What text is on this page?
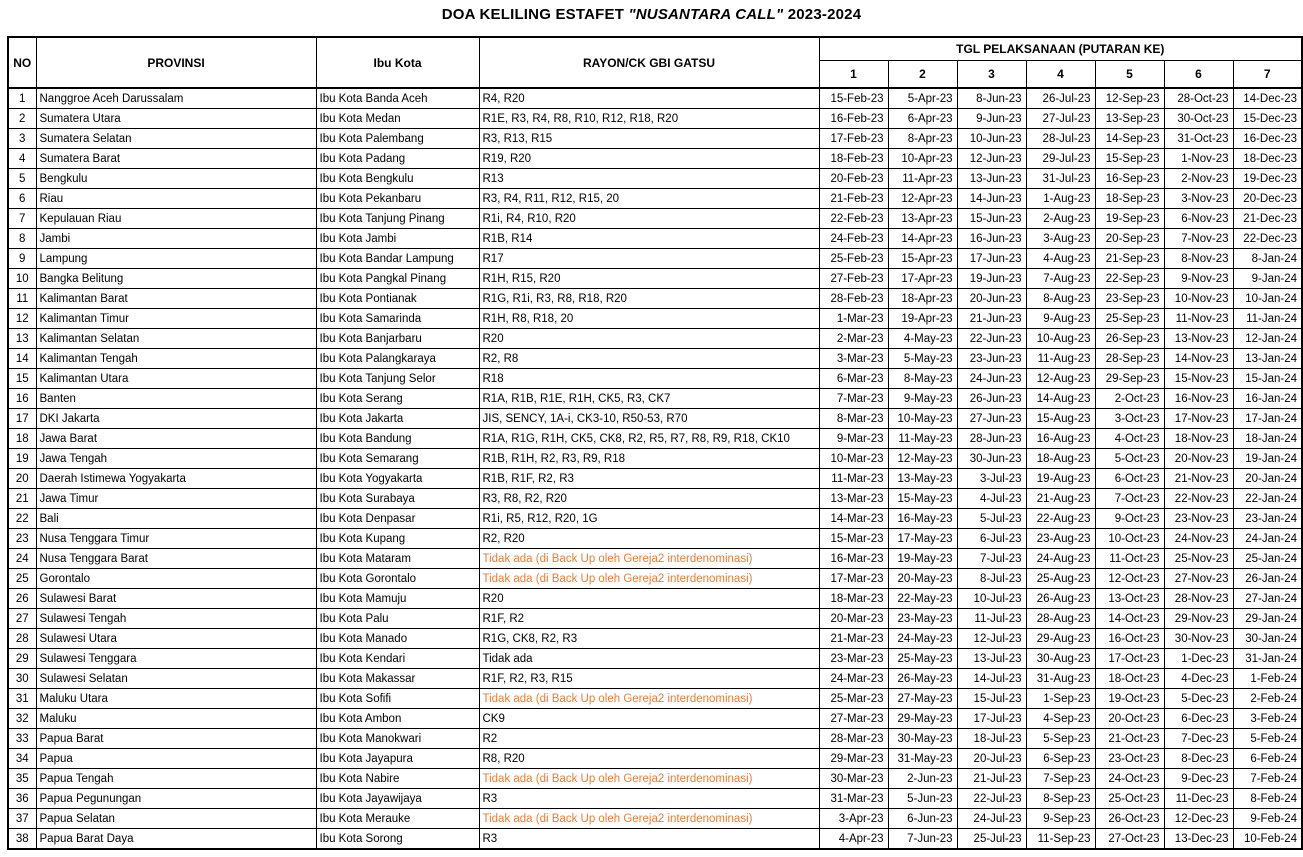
DOA KELILING ESTAFET "NUSANTARA CALL" 2023-2024
NO	PROVINSI	Ibu Kota	RAYON/CK GBI GATSU	TGL PELAKSANAAN (PUTARAN KE)						
				1	2	3	4	5	6	7
1	Nanggroe Aceh Darussalam	Ibu Kota Banda Aceh	R4, R20	15-Feb-23	5-Apr-23	8-Jun-23	26-Jul-23	12-Sep-23	28-Oct-23	14-Dec-23
2	Sumatera Utara	Ibu Kota Medan	R1E, R3, R4, R8, R10, R12, R18, R20	16-Feb-23	6-Apr-23	9-Jun-23	27-Jul-23	13-Sep-23	30-Oct-23	15-Dec-23
3	Sumatera Selatan	Ibu Kota Palembang	R3, R13, R15	17-Feb-23	8-Apr-23	10-Jun-23	28-Jul-23	14-Sep-23	31-Oct-23	16-Dec-23
4	Sumatera Barat	Ibu Kota Padang	R19, R20	18-Feb-23	10-Apr-23	12-Jun-23	29-Jul-23	15-Sep-23	1-Nov-23	18-Dec-23
5	Bengkulu	Ibu Kota Bengkulu	R13	20-Feb-23	11-Apr-23	13-Jun-23	31-Jul-23	16-Sep-23	2-Nov-23	19-Dec-23
6	Riau	Ibu Kota Pekanbaru	R3, R4, R11, R12, R15, 20	21-Feb-23	12-Apr-23	14-Jun-23	1-Aug-23	18-Sep-23	3-Nov-23	20-Dec-23
7	Kepulauan Riau	Ibu Kota Tanjung Pinang	R1i, R4, R10, R20	22-Feb-23	13-Apr-23	15-Jun-23	2-Aug-23	19-Sep-23	6-Nov-23	21-Dec-23
8	Jambi	Ibu Kota Jambi	R1B, R14	24-Feb-23	14-Apr-23	16-Jun-23	3-Aug-23	20-Sep-23	7-Nov-23	22-Dec-23
9	Lampung	Ibu Kota Bandar Lampung	R17	25-Feb-23	15-Apr-23	17-Jun-23	4-Aug-23	21-Sep-23	8-Nov-23	8-Jan-24
10	Bangka Belitung	Ibu Kota Pangkal Pinang	R1H, R15, R20	27-Feb-23	17-Apr-23	19-Jun-23	7-Aug-23	22-Sep-23	9-Nov-23	9-Jan-24
11	Kalimantan Barat	Ibu Kota Pontianak	R1G, R1i, R3, R8, R18, R20	28-Feb-23	18-Apr-23	20-Jun-23	8-Aug-23	23-Sep-23	10-Nov-23	10-Jan-24
12	Kalimantan Timur	Ibu Kota Samarinda	R1H, R8, R18, 20	1-Mar-23	19-Apr-23	21-Jun-23	9-Aug-23	25-Sep-23	11-Nov-23	11-Jan-24
13	Kalimantan Selatan	Ibu Kota Banjarbaru	R20	2-Mar-23	4-May-23	22-Jun-23	10-Aug-23	26-Sep-23	13-Nov-23	12-Jan-24
14	Kalimantan Tengah	Ibu Kota Palangkaraya	R2, R8	3-Mar-23	5-May-23	23-Jun-23	11-Aug-23	28-Sep-23	14-Nov-23	13-Jan-24
15	Kalimantan Utara	Ibu Kota Tanjung Selor	R18	6-Mar-23	8-May-23	24-Jun-23	12-Aug-23	29-Sep-23	15-Nov-23	15-Jan-24
16	Banten	Ibu Kota Serang	R1A, R1B, R1E, R1H, CK5, R3, CK7	7-Mar-23	9-May-23	26-Jun-23	14-Aug-23	2-Oct-23	16-Nov-23	16-Jan-24
17	DKI Jakarta	Ibu Kota Jakarta	JIS, SENCY, 1A-i, CK3-10, R50-53, R70	8-Mar-23	10-May-23	27-Jun-23	15-Aug-23	3-Oct-23	17-Nov-23	17-Jan-24
18	Jawa Barat	Ibu Kota Bandung	R1A, R1G, R1H, CK5, CK8, R2, R5, R7, R8, R9, R18, CK10	9-Mar-23	11-May-23	28-Jun-23	16-Aug-23	4-Oct-23	18-Nov-23	18-Jan-24
19	Jawa Tengah	Ibu Kota Semarang	R1B, R1H, R2, R3, R9, R18	10-Mar-23	12-May-23	30-Jun-23	18-Aug-23	5-Oct-23	20-Nov-23	19-Jan-24
20	Daerah Istimewa Yogyakarta	Ibu Kota Yogyakarta	R1B, R1F, R2, R3	11-Mar-23	13-May-23	3-Jul-23	19-Aug-23	6-Oct-23	21-Nov-23	20-Jan-24
21	Jawa Timur	Ibu Kota Surabaya	R3, R8, R2, R20	13-Mar-23	15-May-23	4-Jul-23	21-Aug-23	7-Oct-23	22-Nov-23	22-Jan-24
22	Bali	Ibu Kota Denpasar	R1i, R5, R12, R20, 1G	14-Mar-23	16-May-23	5-Jul-23	22-Aug-23	9-Oct-23	23-Nov-23	23-Jan-24
23	Nusa Tenggara Timur	Ibu Kota Kupang	R2, R20	15-Mar-23	17-May-23	6-Jul-23	23-Aug-23	10-Oct-23	24-Nov-23	24-Jan-24
24	Nusa Tenggara Barat	Ibu Kota Mataram	Tidak ada (di Back Up oleh Gereja2 interdenominasi)	16-Mar-23	19-May-23	7-Jul-23	24-Aug-23	11-Oct-23	25-Nov-23	25-Jan-24
25	Gorontalo	Ibu Kota Gorontalo	Tidak ada (di Back Up oleh Gereja2 interdenominasi)	17-Mar-23	20-May-23	8-Jul-23	25-Aug-23	12-Oct-23	27-Nov-23	26-Jan-24
26	Sulawesi Barat	Ibu Kota Mamuju	R20	18-Mar-23	22-May-23	10-Jul-23	26-Aug-23	13-Oct-23	28-Nov-23	27-Jan-24
27	Sulawesi Tengah	Ibu Kota Palu	R1F, R2	20-Mar-23	23-May-23	11-Jul-23	28-Aug-23	14-Oct-23	29-Nov-23	29-Jan-24
28	Sulawesi Utara	Ibu Kota Manado	R1G, CK8, R2, R3	21-Mar-23	24-May-23	12-Jul-23	29-Aug-23	16-Oct-23	30-Nov-23	30-Jan-24
29	Sulawesi Tenggara	Ibu Kota Kendari	Tidak ada	23-Mar-23	25-May-23	13-Jul-23	30-Aug-23	17-Oct-23	1-Dec-23	31-Jan-24
30	Sulawesi Selatan	Ibu Kota Makassar	R1F, R2, R3, R15	24-Mar-23	26-May-23	14-Jul-23	31-Aug-23	18-Oct-23	4-Dec-23	1-Feb-24
31	Maluku Utara	Ibu Kota Sofifi	Tidak ada (di Back Up oleh Gereja2 interdenominasi)	25-Mar-23	27-May-23	15-Jul-23	1-Sep-23	19-Oct-23	5-Dec-23	2-Feb-24
32	Maluku	Ibu Kota Ambon	CK9	27-Mar-23	29-May-23	17-Jul-23	4-Sep-23	20-Oct-23	6-Dec-23	3-Feb-24
33	Papua Barat	Ibu Kota Manokwari	R2	28-Mar-23	30-May-23	18-Jul-23	5-Sep-23	21-Oct-23	7-Dec-23	5-Feb-24
34	Papua	Ibu Kota Jayapura	R8, R20	29-Mar-23	31-May-23	20-Jul-23	6-Sep-23	23-Oct-23	8-Dec-23	6-Feb-24
35	Papua Tengah	Ibu Kota Nabire	Tidak ada (di Back Up oleh Gereja2 interdenominasi)	30-Mar-23	2-Jun-23	21-Jul-23	7-Sep-23	24-Oct-23	9-Dec-23	7-Feb-24
36	Papua Pegunungan	Ibu Kota Jayawijaya	R3	31-Mar-23	5-Jun-23	22-Jul-23	8-Sep-23	25-Oct-23	11-Dec-23	8-Feb-24
37	Papua Selatan	Ibu Kota Merauke	Tidak ada (di Back Up oleh Gereja2 interdenominasi)	3-Apr-23	6-Jun-23	24-Jul-23	9-Sep-23	26-Oct-23	12-Dec-23	9-Feb-24
38	Papua Barat Daya	Ibu Kota Sorong	R3	4-Apr-23	7-Jun-23	25-Jul-23	11-Sep-23	27-Oct-23	13-Dec-23	10-Feb-24
